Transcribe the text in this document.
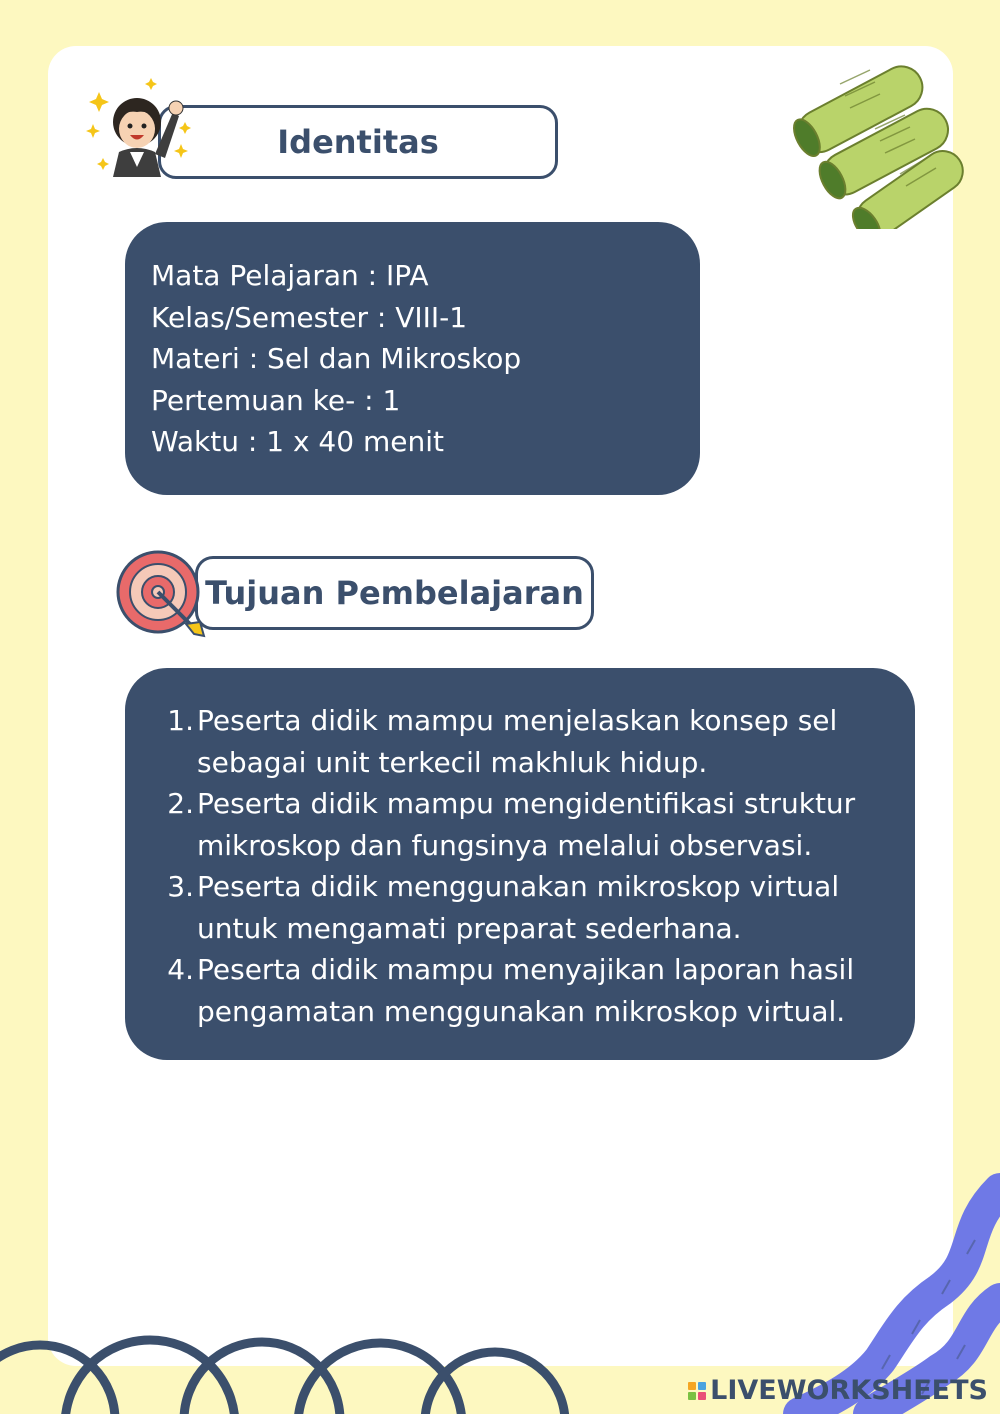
Identitas
Mata Pelajaran : IPA
Kelas/Semester : VIII-1
Materi : Sel dan Mikroskop
Pertemuan ke- : 1
Waktu : 1 x 40 menit
Tujuan Pembelajaran
1. Peserta didik mampu menjelaskan konsep sel sebagai unit terkecil makhluk hidup.
2. Peserta didik mampu mengidentifikasi struktur mikroskop dan fungsinya melalui observasi.
3. Peserta didik menggunakan mikroskop virtual untuk mengamati preparat sederhana.
4. Peserta didik mampu menyajikan laporan hasil pengamatan menggunakan mikroskop virtual.
LIVEWORKSHEETS
